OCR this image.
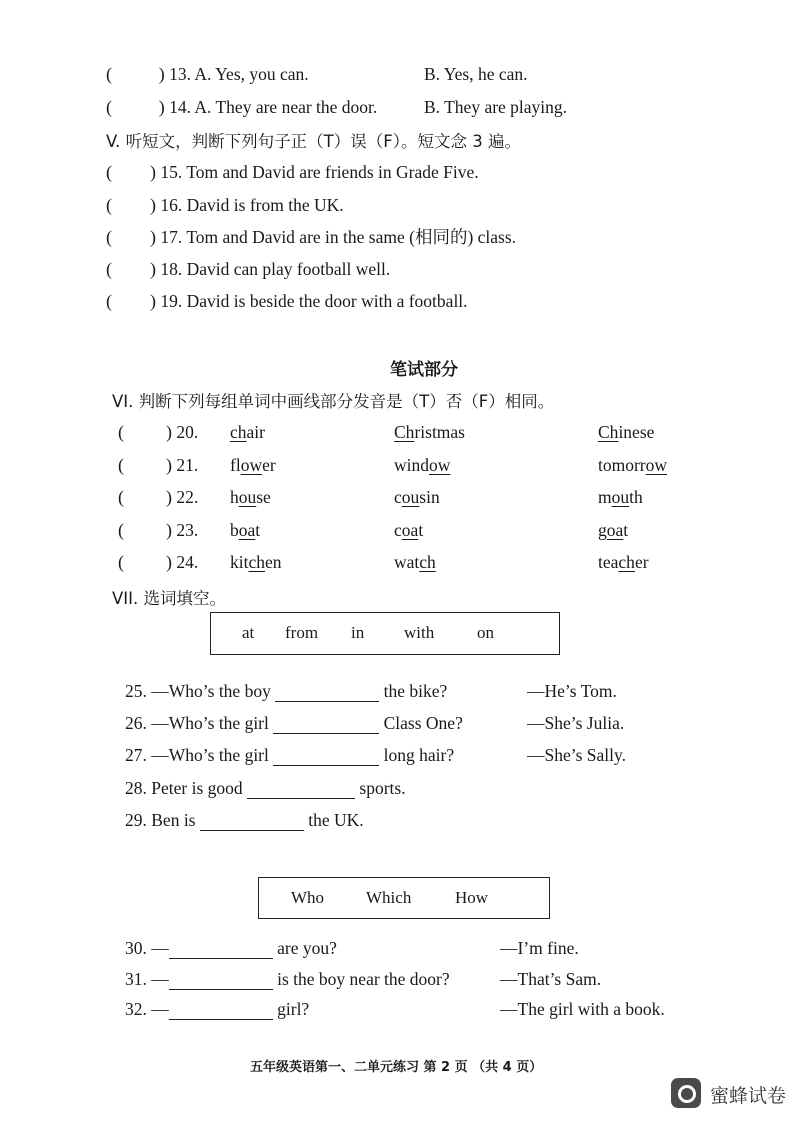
(	) 13. A. Yes, you can.	B. Yes, he can.
(	) 14. A. They are near the door.	B. They are playing.
V. 听短文，判断下列句子正（T）误（F）。短文念 3 遍。
( ) 15. Tom and David are friends in Grade Five.
( ) 16. David is from the UK.
( ) 17. Tom and David are in the same (相同的) class.
( ) 18. David can play football well.
( ) 19. David is beside the door with a football.
笔试部分
VI. 判断下列每组单词中画线部分发音是（T）否（F）相同。
( ) 20. chair	Christmas	Chinese
( ) 21. flower	window	tomorrow
( ) 22. house	cousin	mouth
( ) 23. boat	coat	goat
( ) 24. kitchen	watch	teacher
VII. 选词填空。
at from in with	on
25. —Who’s the boy	the bike?	—He’s Tom.
26. —Who’s the girl	Class One?	—She’s Julia.
27. —Who’s the girl	long hair?	—She’s Sally.
28. Peter is good	sports.
29. Ben is	the UK.
Who Which	How
30. —	are you?	—I’m fine.
31. —	is the boy near the door?	—That’s Sam.
32. —	girl?	—The girl with a book.
五年级英语第一、二单元练习 第 2 页 （共 4 页）
蜜蜂试卷
